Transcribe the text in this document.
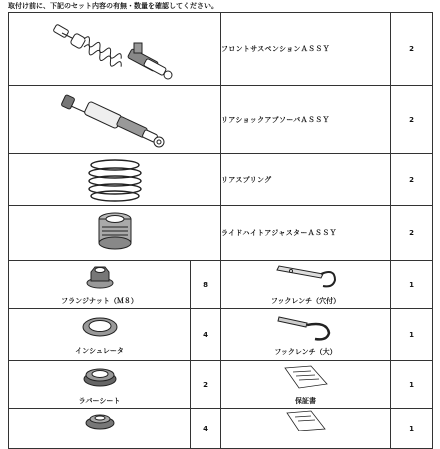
取付け前に、下記のセット内容の有無・数量を確認してください。
	フロントサスペンションＡＳＳＹ	2

	リアショックアブソーバＡＳＳＹ	2

	リアスプリング	2

	ライドハイトアジャスターＡＳＳＹ	2

フランジナット（Ｍ８）	8	フックレンチ（穴付）	1

インシュレータ	4	フックレンチ（大）	1

ラバーシート	2	保証書	1
	4		1
